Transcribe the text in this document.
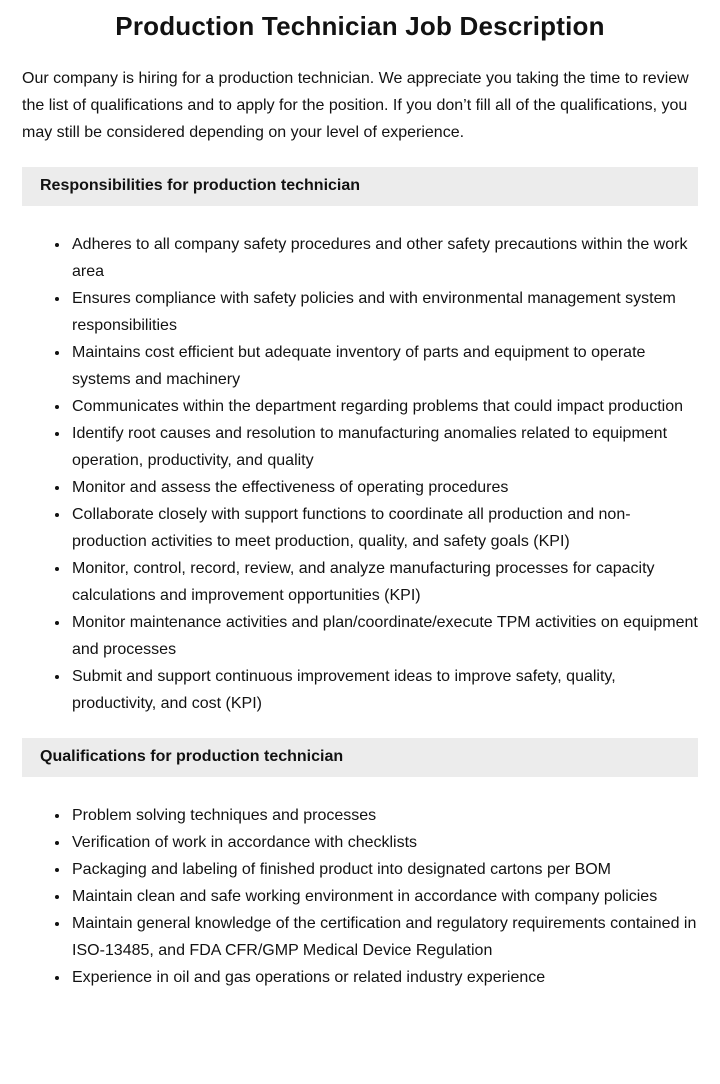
Production Technician Job Description

Our company is hiring for a production technician. We appreciate you taking the time to review the list of qualifications and to apply for the position. If you don’t fill all of the qualifications, you may still be considered depending on your level of experience.

Responsibilities for production technician
• Adheres to all company safety procedures and other safety precautions within the work area
• Ensures compliance with safety policies and with environmental management system responsibilities
• Maintains cost efficient but adequate inventory of parts and equipment to operate systems and machinery
• Communicates within the department regarding problems that could impact production
• Identify root causes and resolution to manufacturing anomalies related to equipment operation, productivity, and quality
• Monitor and assess the effectiveness of operating procedures
• Collaborate closely with support functions to coordinate all production and non-production activities to meet production, quality, and safety goals (KPI)
• Monitor, control, record, review, and analyze manufacturing processes for capacity calculations and improvement opportunities (KPI)
• Monitor maintenance activities and plan/coordinate/execute TPM activities on equipment and processes
• Submit and support continuous improvement ideas to improve safety, quality, productivity, and cost (KPI)
Qualifications for production technician
• Problem solving techniques and processes
• Verification of work in accordance with checklists
• Packaging and labeling of finished product into designated cartons per BOM
• Maintain clean and safe working environment in accordance with company policies
• Maintain general knowledge of the certification and regulatory requirements contained in ISO-13485, and FDA CFR/GMP Medical Device Regulation
• Experience in oil and gas operations or related industry experience
